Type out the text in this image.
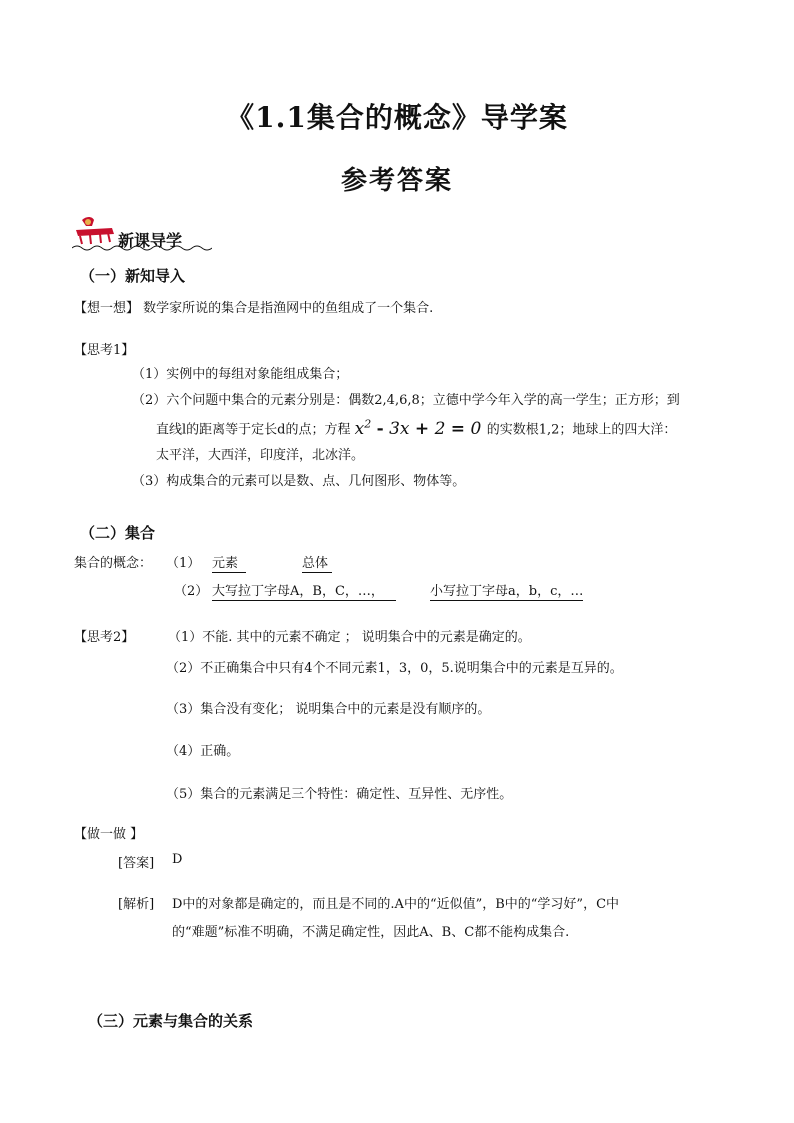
《1.1集合的概念》导学案
参考答案
新课导学
（一）新知导入
【想一想】 数学家所说的集合是指渔网中的鱼组成了一个集合.
【思考1】
（1）实例中的每组对象能组成集合；
（2）六个问题中集合的元素分别是：偶数2,4,6,8；立德中学今年入学的高一学生；正方形；到
直线l的距离等于定长d的点；方程 $x^2 - 3x + 2 = 0$ 的实数根1,2；地球上的四大洋：
太平洋，大西洋，印度洋，北冰洋。
（3）构成集合的元素可以是数、点、几何图形、物体等。
（二）集合
集合的概念： （1） 元素	总体
（2） 大写拉丁字母A，B，C，…，	小写拉丁字母a，b，c，…
【思考2】	（1）不能. 其中的元素不确定 ； 说明集合中的元素是确定的。
（2）不正确集合中只有4个不同元素1，3，0，5.说明集合中的元素是互异的。
（3）集合没有变化； 说明集合中的元素是没有顺序的。
（4）正确。
（5）集合的元素满足三个特性：确定性、互异性、无序性。
【做一做 】
[答案] D
[解析] D中的对象都是确定的，而且是不同的.A中的“近似值”，B中的“学习好”，C中
的“难题”标准不明确，不满足确定性，因此A、B、C都不能构成集合.
（三）元素与集合的关系
